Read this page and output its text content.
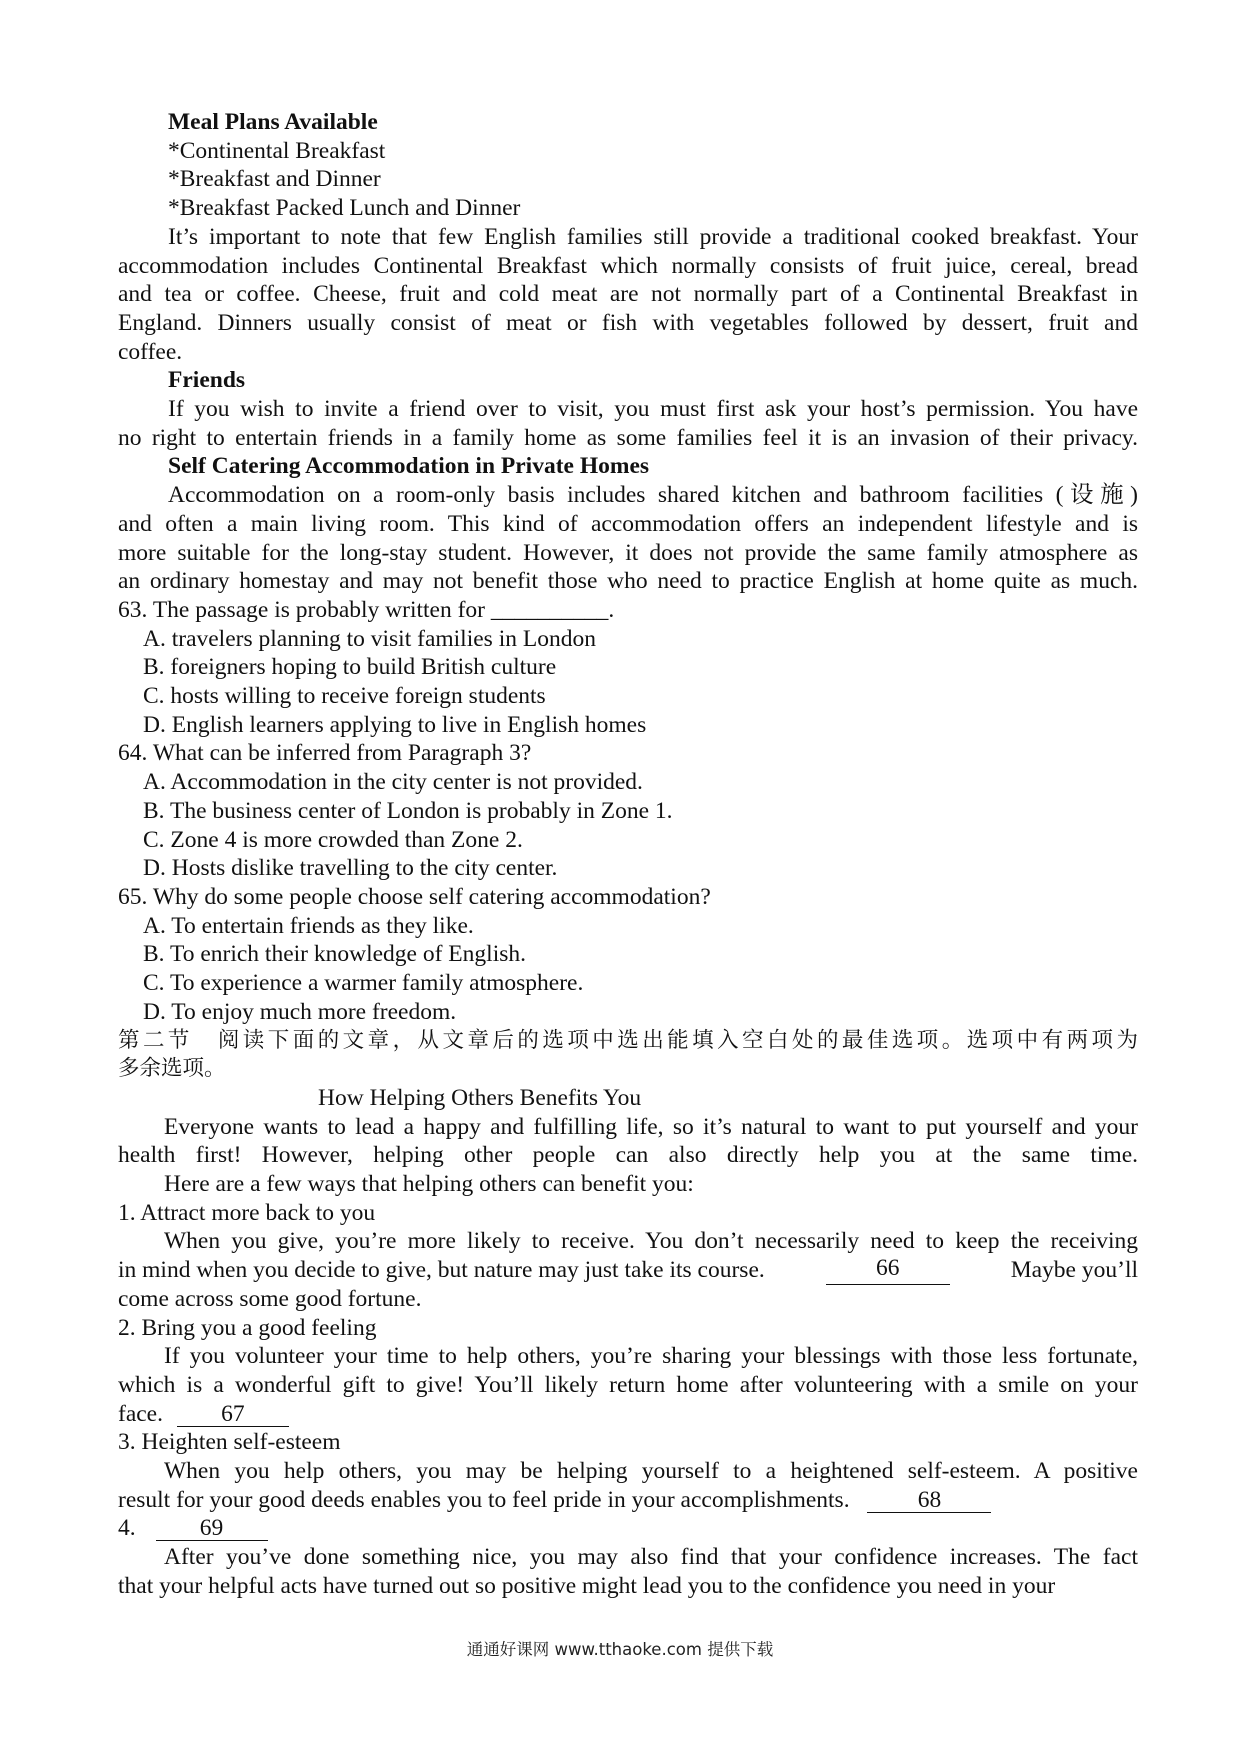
Meal Plans Available
*Continental Breakfast
*Breakfast and Dinner
*Breakfast Packed Lunch and Dinner
It’s important to note that few English families still provide a traditional cooked breakfast. Your
accommodation includes Continental Breakfast which normally consists of fruit juice, cereal, bread
and tea or coffee. Cheese, fruit and cold meat are not normally part of a Continental Breakfast in
England. Dinners usually consist of meat or fish with vegetables followed by dessert, fruit and
coffee.
Friends
If you wish to invite a friend over to visit, you must first ask your host’s permission. You have
no right to entertain friends in a family home as some families feel it is an invasion of their privacy.
Self Catering Accommodation in Private Homes
Accommodation on a room-only basis includes shared kitchen and bathroom facilities (设施)
and often a main living room. This kind of accommodation offers an independent lifestyle and is
more suitable for the long-stay student. However, it does not provide the same family atmosphere as
an ordinary homestay and may not benefit those who need to practice English at home quite as much.
63. The passage is probably written for __________.
A. travelers planning to visit families in London
B. foreigners hoping to build British culture
C. hosts willing to receive foreign students
D. English learners applying to live in English homes
64. What can be inferred from Paragraph 3?
A. Accommodation in the city center is not provided.
B. The business center of London is probably in Zone 1.
C. Zone 4 is more crowded than Zone 2.
D. Hosts dislike travelling to the city center.
65. Why do some people choose self catering accommodation?
A. To entertain friends as they like.
B. To enrich their knowledge of English.
C. To experience a warmer family atmosphere.
D. To enjoy much more freedom.
第二节　阅读下面的文章，从文章后的选项中选出能填入空白处的最佳选项。选项中有两项为
多余选项。
How Helping Others Benefits You
Everyone wants to lead a happy and fulfilling life, so it’s natural to want to put yourself and your
health first! However, helping other people can also directly help you at the same time.
Here are a few ways that helping others can benefit you:
1. Attract more back to you
When you give, you’re more likely to receive. You don’t necessarily need to keep the receiving
in mind when you decide to give, but nature may just take its course.	66	Maybe you’ll
come across some good fortune.
2. Bring you a good feeling
If you volunteer your time to help others, you’re sharing your blessings with those less fortunate,
which is a wonderful gift to give! You’ll likely return home after volunteering with a smile on your
face. 67
3. Heighten self-esteem
When you help others, you may be helping yourself to a heightened self-esteem. A positive
result for your good deeds enables you to feel pride in your accomplishments.	68
4.	69
After you’ve done something nice, you may also find that your confidence increases. The fact
that your helpful acts have turned out so positive might lead you to the confidence you need in your
通通好课网 www.tthaoke.com 提供下载
